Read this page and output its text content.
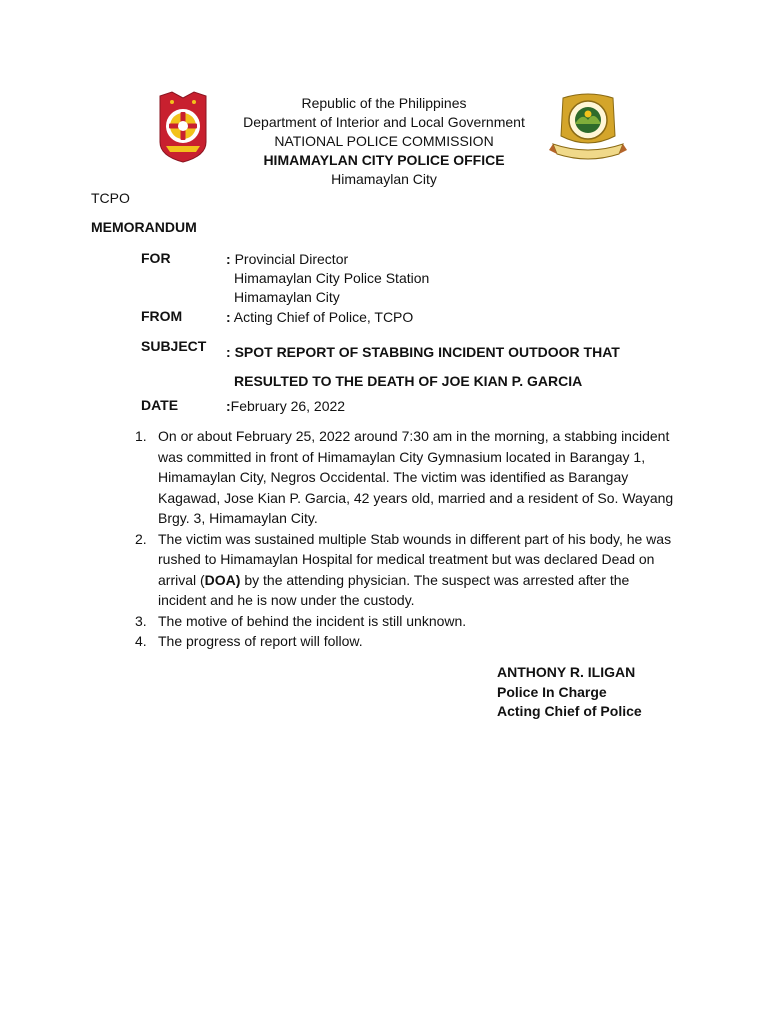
Republic of the Philippines
Department of Interior and Local Government
NATIONAL POLICE COMMISSION
HIMAMAYLAN CITY POLICE OFFICE
Himamaylan City
TCPO
MEMORANDUM
FOR	: Provincial Director
Himamaylan City Police Station
Himamaylan City
FROM	: Acting Chief of Police, TCPO
SUBJECT : SPOT REPORT OF STABBING INCIDENT OUTDOOR THAT
RESULTED TO THE DEATH OF JOE KIAN P. GARCIA
DATE	:February 26, 2022
1. On or about February 25, 2022 around 7:30 am in the morning, a stabbing incident was committed in front of Himamaylan City Gymnasium located in Barangay 1, Himamaylan City, Negros Occidental. The victim was identified as Barangay Kagawad, Jose Kian P. Garcia, 42 years old, married and a resident of So. Wayang Brgy. 3, Himamaylan City.
2. The victim was sustained multiple Stab wounds in different part of his body, he was rushed to Himamaylan Hospital for medical treatment but was declared Dead on arrival (DOA) by the attending physician. The suspect was arrested after the incident and he is now under the custody.
3. The motive of behind the incident is still unknown.
4. The progress of report will follow.
ANTHONY R. ILIGAN
Police In Charge
Acting Chief of Police
